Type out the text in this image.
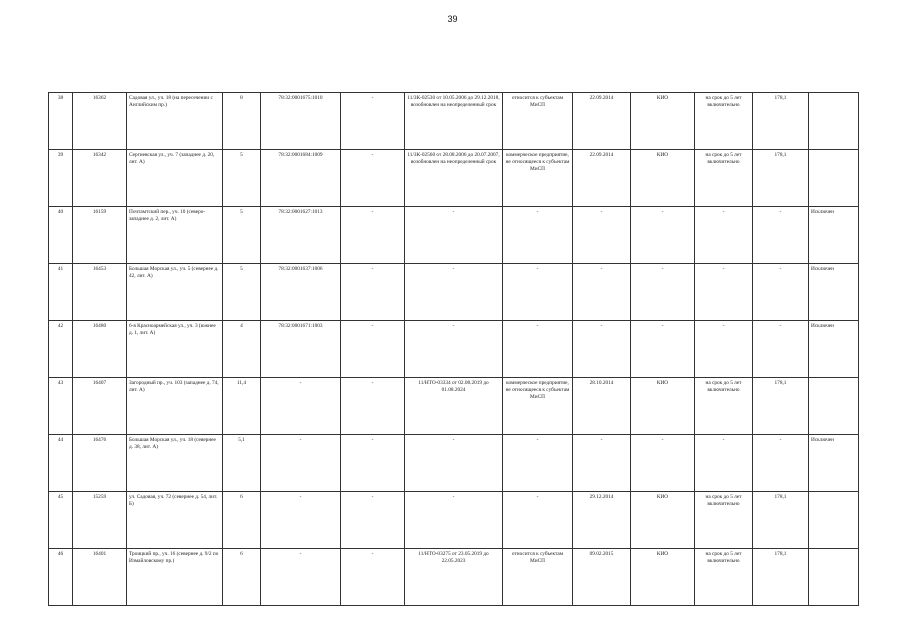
39
38	16362	Садовая ул., уч. 18 (на пересечении с Английским пр.)	8	78:32:0001675:1010	-	11/ЗК-02530 от 10.05.2006 до 29.12.2018, возобновлен на неопределенный срок	относится к субъектам МиСП	22.09.2014	КИО	на срок до 5 лет включительно	178,1	
39	16342	Сергиевская ул., уч. 7 (западнее д. 20, лит. А)	5	78:32:0001684:1009	-	11/ЗК-02560 от 28.08.2006 до 20.07.2007, возобновлен на неопределенный срок	коммерческое предприятие, не относящееся к субъектам МиСП	22.09.2014	КИО	на срок до 5 лет включительно	178,1	
40	16159	Почтамтский пер., уч. 10 (северо-западнее д. 2, лит. А)	5	78:32:0001627:1013	-	-	-	-	-	-	-	Исключен
41	16453	Большая Морская ул., уч. 5 (севернее д. 42, лит. А)	5	78:32:0001637:1006	-	-	-	-	-	-	-	Исключен
42	16480	6-я Красноармейская ул., уч. 3 (южнее д. 1, лит. А)	4	78:32:0001671:1003	-	-	-	-	-	-	-	Исключен
43	16407	Загородный пр., уч. 103 (западнее д. 74, лит. А)	11,4	-	-	11/НТО-03334 от 02.08.2019 до 01.08.2024	коммерческое предприятие, не относящееся к субъектам МиСП	28.10.2014	КИО	на срок до 5 лет включительно	178,1	
44	16476	Большая Морская ул., уч. 18 (севернее д. 38, лит. А)	5,1	-	-	-	-	-	-	-	-	Исключен
45	15259	ул. Садовая, уч. 72 (севернее д. 54, лит. Б)	6	-	-	-	-	29.12.2014	КИО	на срок до 5 лет включительно	178,1	
46	16401	Троицкий пр., уч. 16 (севернее д. 9/2 по Измайловскому пр.)	6	-	-	11/НТО-03275 от 23.05.2019 до 22.05.2023	относится к субъектам МиСП	09.02.2015	КИО	на срок до 5 лет включительно	178,1	
